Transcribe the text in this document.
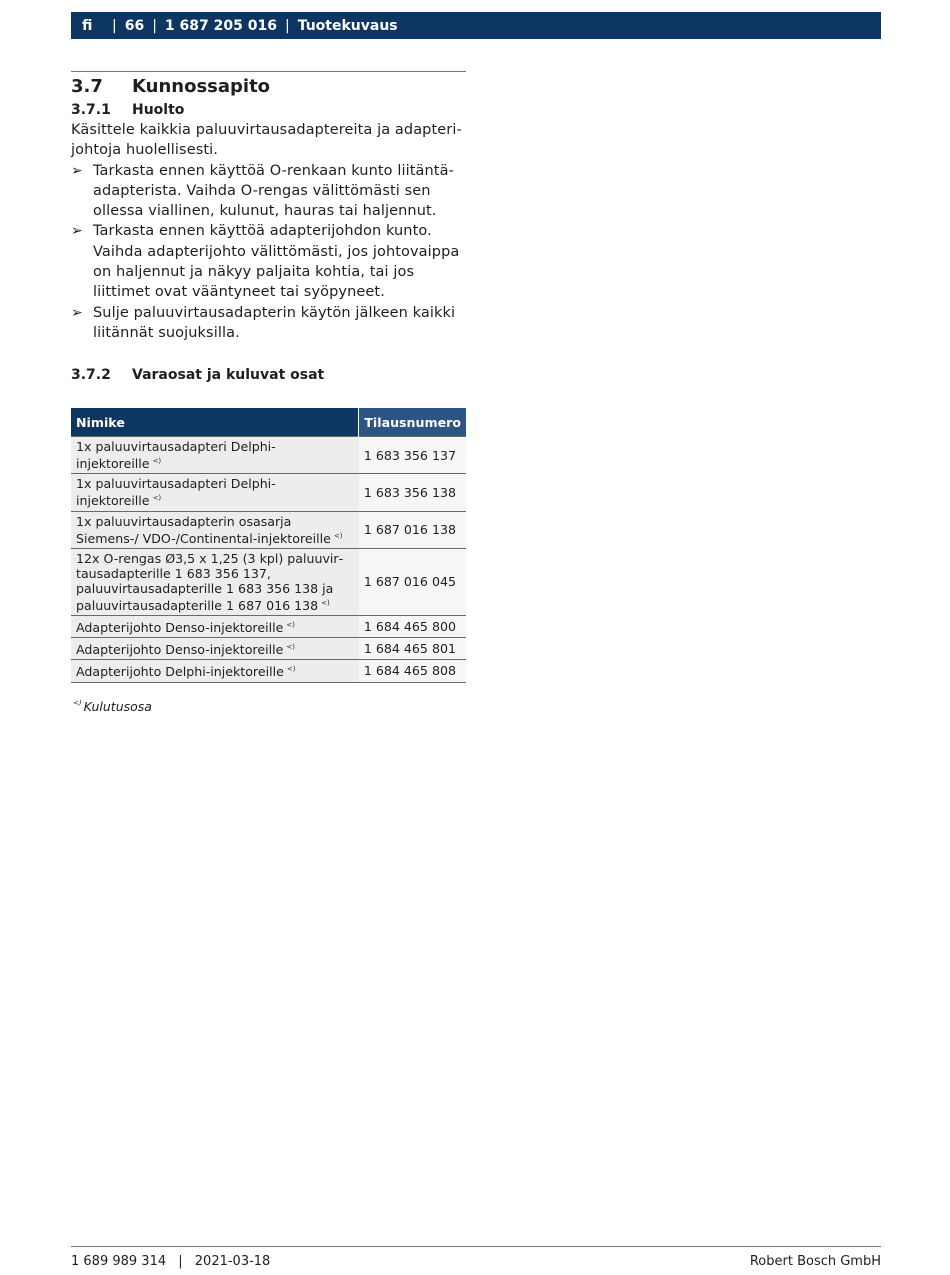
fi	| 66 | 1 687 205 016 | Tuotekuvaus
3.7	Kunnossapito
3.7.1	Huolto
Käsittele kaikkia paluuvirtausadaptereita ja adapterijohtoja huolellisesti.
➢ Tarkasta ennen käyttöä O-renkaan kunto liitäntäadapterista. Vaihda O-rengas välittömästi sen ollessa viallinen, kulunut, hauras tai haljennut.
➢ Tarkasta ennen käyttöä adapterijohdon kunto. Vaihda adapterijohto välittömästi, jos johtovaippa on haljennut ja näkyy paljaita kohtia, tai jos liittimet ovat vääntyneet tai syöpyneet.
➢ Sulje paluuvirtausadapterin käytön jälkeen kaikki liitännät suojuksilla.
3.7.2	Varaosat ja kuluvat osat
Nimike	Tilausnumero
1x paluuvirtausadapteri Delphi-injektoreille <)	1 683 356 137
1x paluuvirtausadapteri Delphi-injektoreille <)	1 683 356 138
1x paluuvirtausadapterin osasarja Siemens-/ VDO-/Continental-injektoreille <)	1 687 016 138
12x O-rengas Ø3,5 x 1,25 (3 kpl) paluuvirtausadapterille 1 683 356 137, paluuvirtausadapterille 1 683 356 138 ja paluuvirtausadapterille 1 687 016 138 <)	1 687 016 045
Adapterijohto Denso-injektoreille <)	1 684 465 800
Adapterijohto Denso-injektoreille <)	1 684 465 801
Adapterijohto Delphi-injektoreille <)	1 684 465 808
<) Kulutusosa
1 689 989 314 | 2021-03-18	Robert Bosch GmbH
